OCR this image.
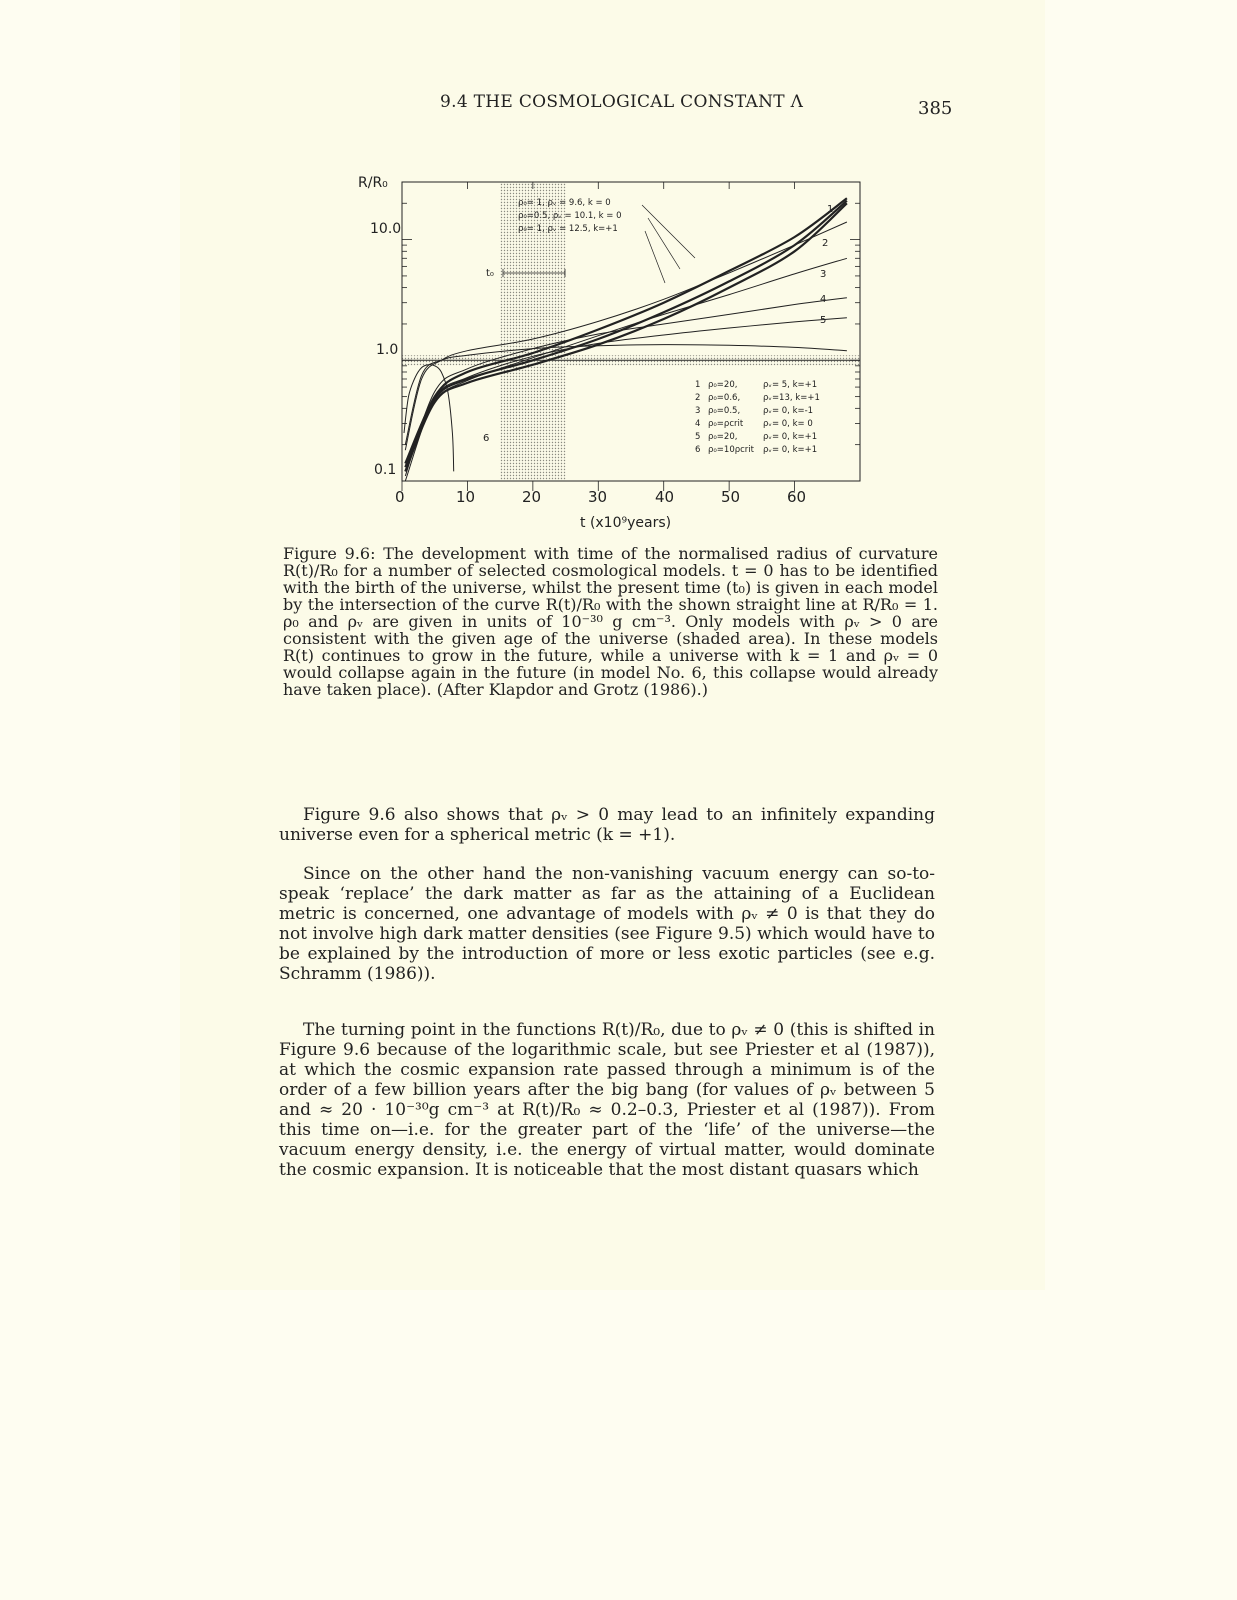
9.4 THE COSMOLOGICAL CONSTANT Λ	385
R/R₀
10.0
1.0
0.1
0	10	20	30	40	50	60
t (x10⁹years)
t₀
ρ₀= 1, ρᵥ = 9.6, k = 0
ρ₀=0.5, ρᵥ = 10.1, k = 0
ρ₀= 1, ρᵥ = 12.5, k=+1
1
2
3
4
5
6
1 ρ₀=20,	ρᵥ= 5, k=+1
2 ρ₀=0.6,	ρᵥ=13, k=+1
3 ρ₀=0.5,	ρᵥ= 0, k=-1
4 ρ₀=ρcrit ρᵥ= 0, k= 0
5 ρ₀=20,	ρᵥ= 0, k=+1
6 ρ₀=10ρcrit ρᵥ= 0, k=+1
Figure 9.6: The development with time of the normalised radius of curvature R(t)/R₀ for a number of selected cosmological models. t = 0 has to be identified with the birth of the universe, whilst the present time (t₀) is given in each model by the intersection of the curve R(t)/R₀ with the shown straight line at R/R₀ = 1. ρ₀ and ρᵥ are given in units of 10⁻³⁰ g cm⁻³. Only models with ρᵥ > 0 are consistent with the given age of the universe (shaded area). In these models R(t) continues to grow in the future, while a universe with k = 1 and ρᵥ = 0 would collapse again in the future (in model No. 6, this collapse would already have taken place). (After Klapdor and Grotz (1986).)
Figure 9.6 also shows that ρᵥ > 0 may lead to an infinitely expanding universe even for a spherical metric (k = +1).
Since on the other hand the non-vanishing vacuum energy can so-to-speak ‘replace’ the dark matter as far as the attaining of a Euclidean metric is concerned, one advantage of models with ρᵥ ≠ 0 is that they do not involve high dark matter densities (see Figure 9.5) which would have to be explained by the introduction of more or less exotic particles (see e.g. Schramm (1986)).
The turning point in the functions R(t)/R₀, due to ρᵥ ≠ 0 (this is shifted in Figure 9.6 because of the logarithmic scale, but see Priester et al (1987)), at which the cosmic expansion rate passed through a minimum is of the order of a few billion years after the big bang (for values of ρᵥ between 5 and ≈ 20 · 10⁻³⁰g cm⁻³ at R(t)/R₀ ≈ 0.2–0.3, Priester et al (1987)). From this time on—i.e. for the greater part of the ‘life’ of the universe—the vacuum energy density, i.e. the energy of virtual matter, would dominate the cosmic expansion. It is noticeable that the most distant quasars which
